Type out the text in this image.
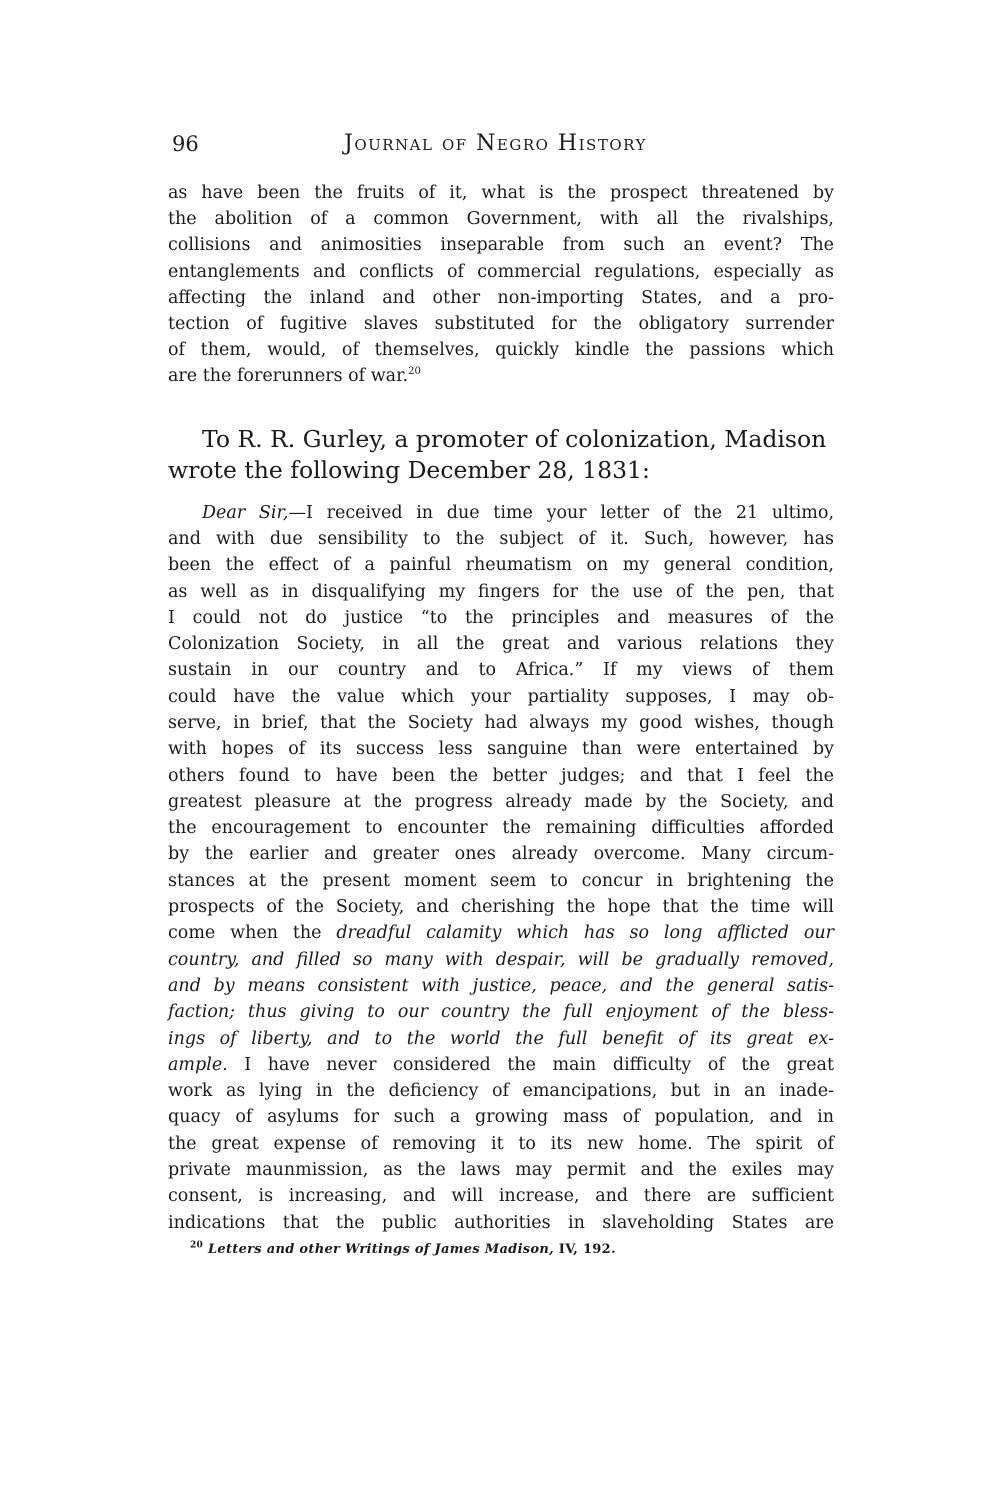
96	Journal of Negro History
as have been the fruits of it, what is the prospect threatened by
the abolition of a common Government, with all the rivalships,
collisions and animosities inseparable from such an event? The
entanglements and conflicts of commercial regulations, especially as
affecting the inland and other non-importing States, and a pro-
tection of fugitive slaves substituted for the obligatory surrender
of them, would, of themselves, quickly kindle the passions which
are the forerunners of war.$^{20}$
To R. R. Gurley, a promoter of colonization, Madison
wrote the following December 28, 1831:
Dear Sir,—I received in due time your letter of the 21 ultimo,
and with due sensibility to the subject of it. Such, however, has
been the effect of a painful rheumatism on my general condition,
as well as in disqualifying my fingers for the use of the pen, that
I could not do justice “to the principles and measures of the
Colonization Society, in all the great and various relations they
sustain in our country and to Africa.” If my views of them
could have the value which your partiality supposes, I may ob-
serve, in brief, that the Society had always my good wishes, though
with hopes of its success less sanguine than were entertained by
others found to have been the better judges; and that I feel the
greatest pleasure at the progress already made by the Society, and
the encouragement to encounter the remaining difficulties afforded
by the earlier and greater ones already overcome. Many circum-
stances at the present moment seem to concur in brightening the
prospects of the Society, and cherishing the hope that the time will
come when the dreadful calamity which has so long afflicted our
country, and filled so many with despair, will be gradually removed,
and by means consistent with justice, peace, and the general satis-
faction; thus giving to our country the full enjoyment of the bless-
ings of liberty, and to the world the full benefit of its great ex-
ample. I have never considered the main difficulty of the great
work as lying in the deficiency of emancipations, but in an inade-
quacy of asylums for such a growing mass of population, and in
the great expense of removing it to its new home. The spirit of
private maunmission, as the laws may permit and the exiles may
consent, is increasing, and will increase, and there are sufficient
indications that the public authorities in slaveholding States are
$^{20}$ Letters and other Writings of James Madison, IV, 192.
